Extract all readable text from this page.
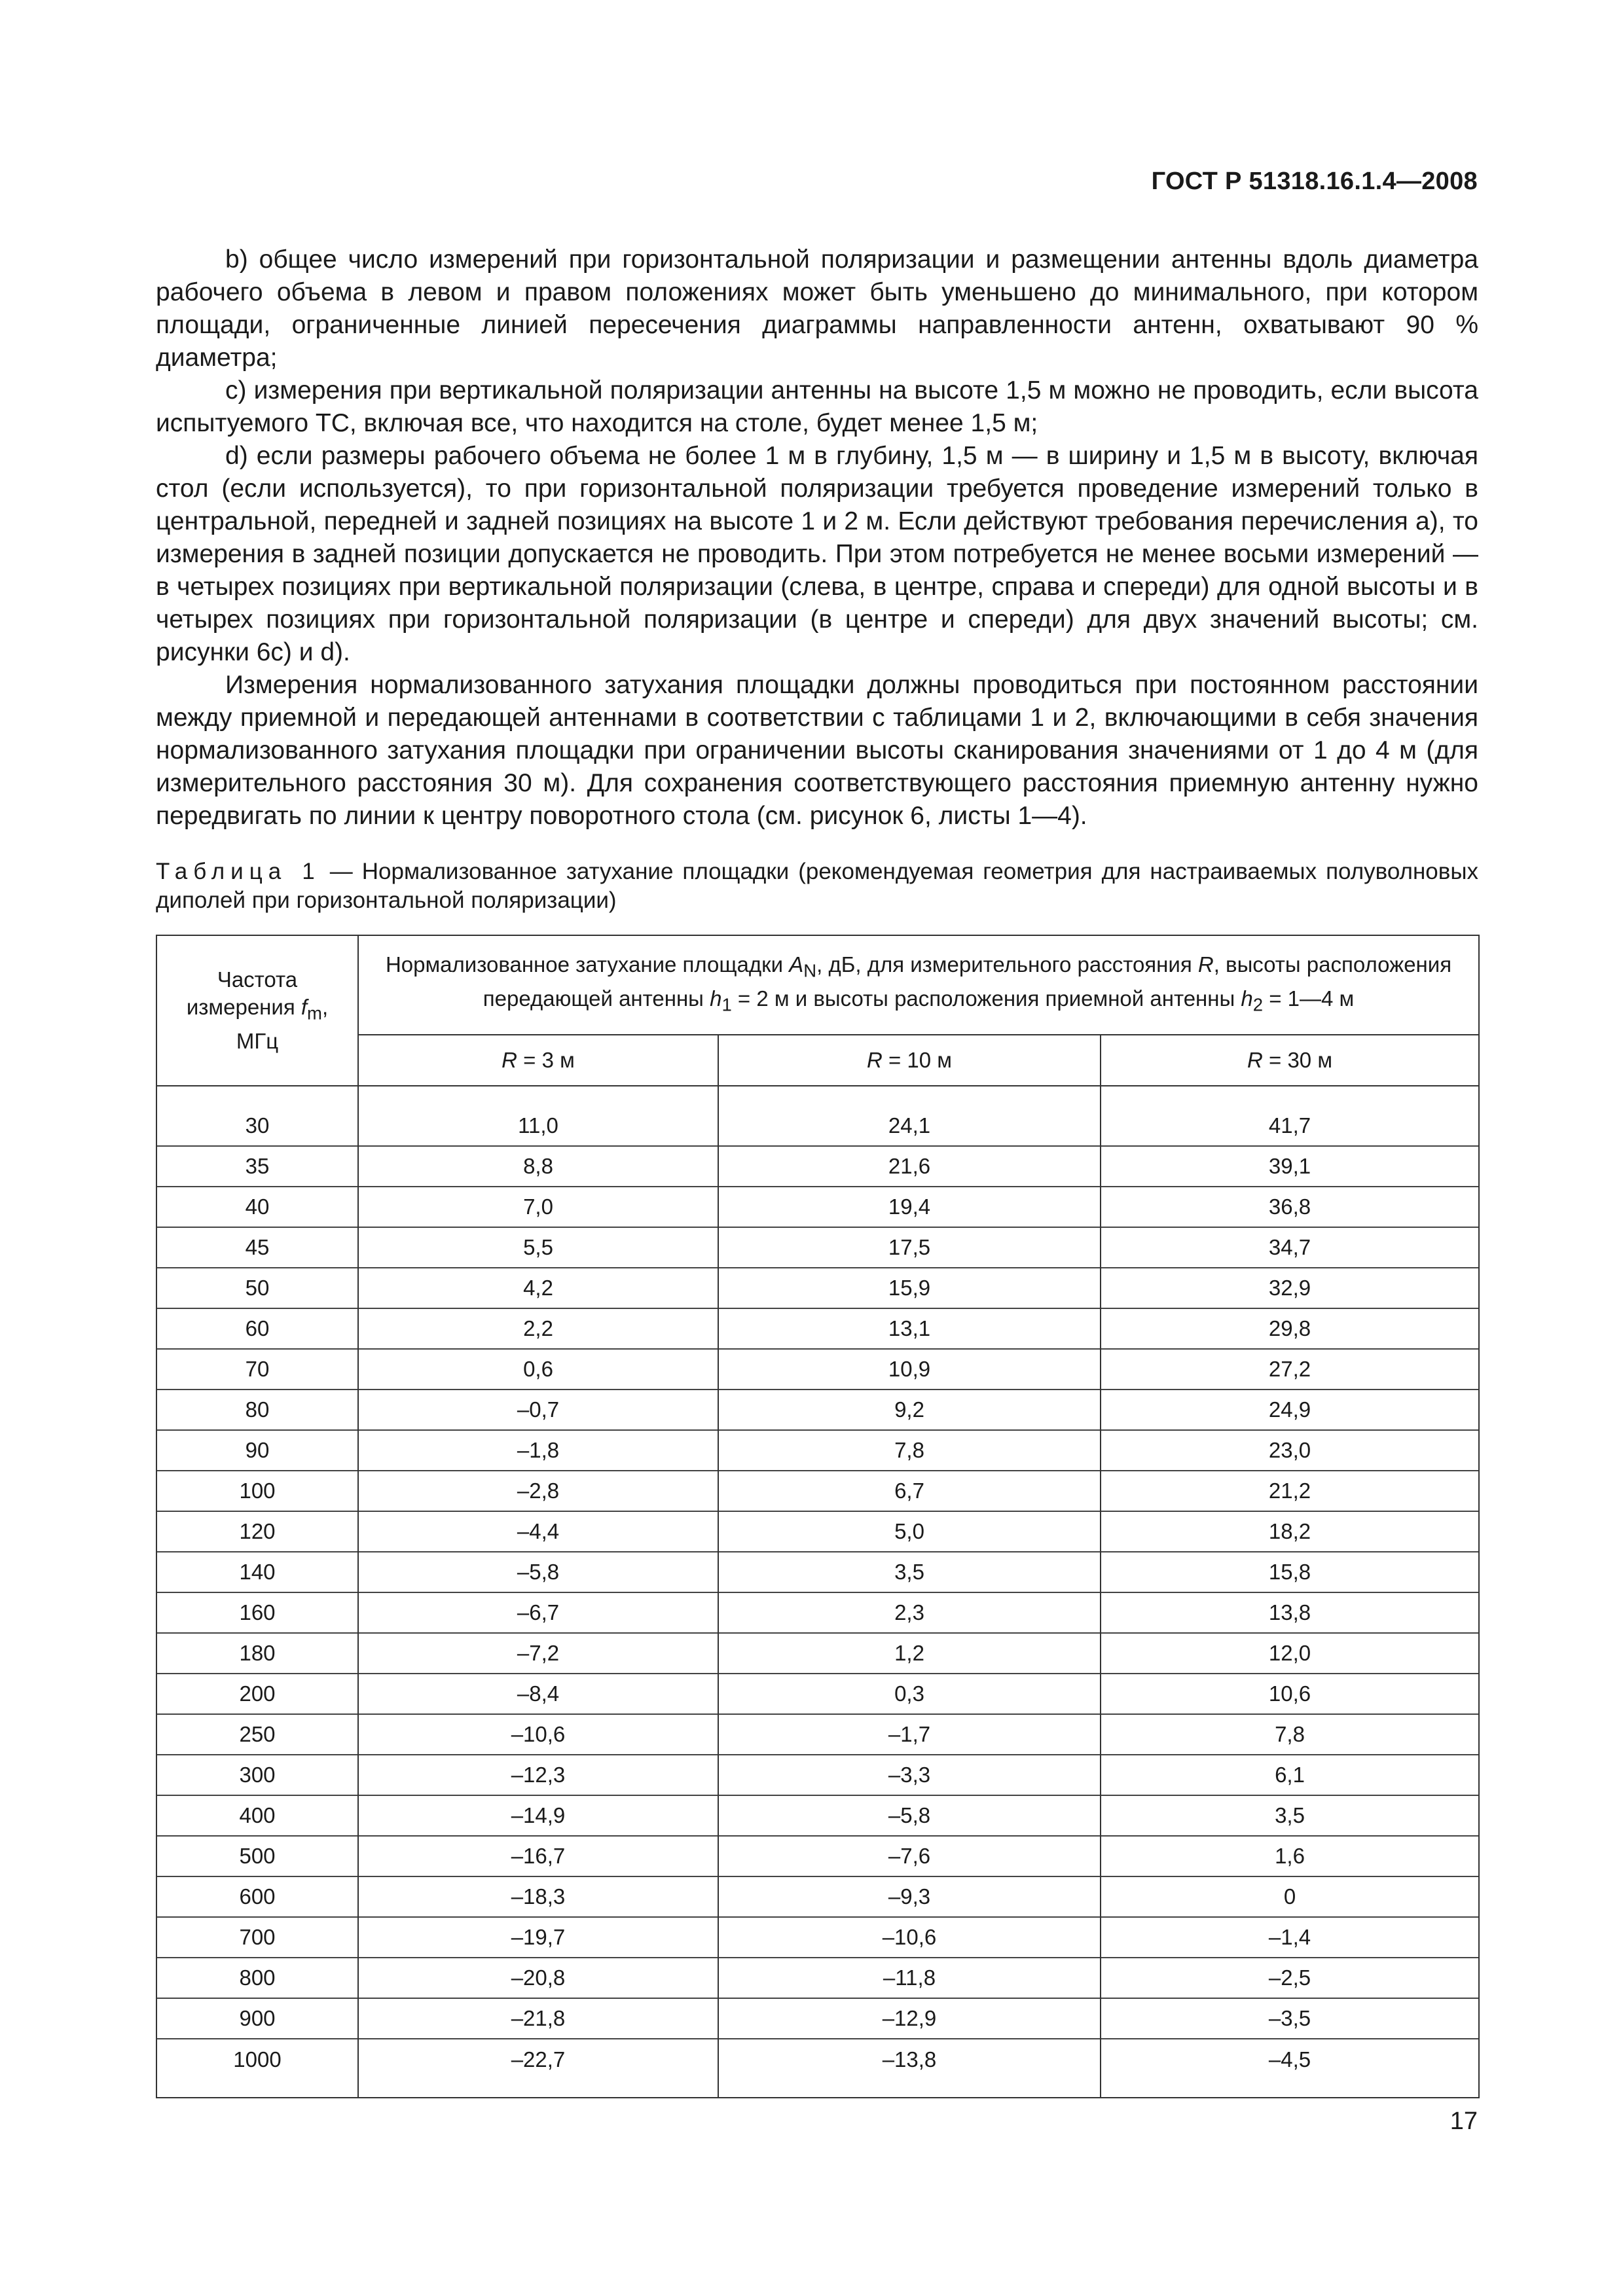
ГОСТ Р 51318.16.1.4—2008

b) общее число измерений при горизонтальной поляризации и размещении антенны вдоль диаметра рабочего объема в левом и правом положениях может быть уменьшено до минимального, при котором площади, ограниченные линией пересечения диаграммы направленности антенн, охватывают 90 % диаметра;

c) измерения при вертикальной поляризации антенны на высоте 1,5 м можно не проводить, если высота испытуемого ТС, включая все, что находится на столе, будет менее 1,5 м;

d) если размеры рабочего объема не более 1 м в глубину, 1,5 м — в ширину и 1,5 м в высоту, включая стол (если используется), то при горизонтальной поляризации требуется проведение измерений только в центральной, передней и задней позициях на высоте 1 и 2 м. Если действуют требования перечисления а), то измерения в задней позиции допускается не проводить. При этом потребуется не менее восьми измерений — в четырех позициях при вертикальной поляризации (слева, в центре, справа и спереди) для одной высоты и в четырех позициях при горизонтальной поляризации (в центре и спереди) для двух значений высоты; см. рисунки 6c) и d).

Измерения нормализованного затухания площадки должны проводиться при постоянном расстоянии между приемной и передающей антеннами в соответствии с таблицами 1 и 2, включающими в себя значения нормализованного затухания площадки при ограничении высоты сканирования значениями от 1 до 4 м (для измерительного расстояния 30 м). Для сохранения соответствующего расстояния приемную антенну нужно передвигать по линии к центру поворотного стола (см. рисунок 6, листы 1—4).

Таблица 1 — Нормализованное затухание площадки (рекомендуемая геометрия для настраиваемых полуволновых диполей при горизонтальной поляризации)
Частота
измерения $f_m$,
МГц	Нормализованное затухание площадки $A_N$, дБ, для измерительного расстояния R, высоты расположения передающей антенны $h_1 = 2$ м и высоты расположения приемной антенны $h_2$ = 1—4 м		
	R = 3 м	R = 10 м	R = 30 м

30	11,0	24,1	41,7
35	8,8	21,6	39,1
40	7,0	19,4	36,8
45	5,5	17,5	34,7
50	4,2	15,9	32,9
60	2,2	13,1	29,8
70	0,6	10,9	27,2
80	–0,7	9,2	24,9
90	–1,8	7,8	23,0
100	–2,8	6,7	21,2
120	–4,4	5,0	18,2
140	–5,8	3,5	15,8
160	–6,7	2,3	13,8
180	–7,2	1,2	12,0
200	–8,4	0,3	10,6
250	–10,6	–1,7	7,8
300	–12,3	–3,3	6,1
400	–14,9	–5,8	3,5
500	–16,7	–7,6	1,6
600	–18,3	–9,3	0
700	–19,7	–10,6	–1,4
800	–20,8	–11,8	–2,5
900	–21,8	–12,9	–3,5
1000	–22,7	–13,8	–4,5
17
